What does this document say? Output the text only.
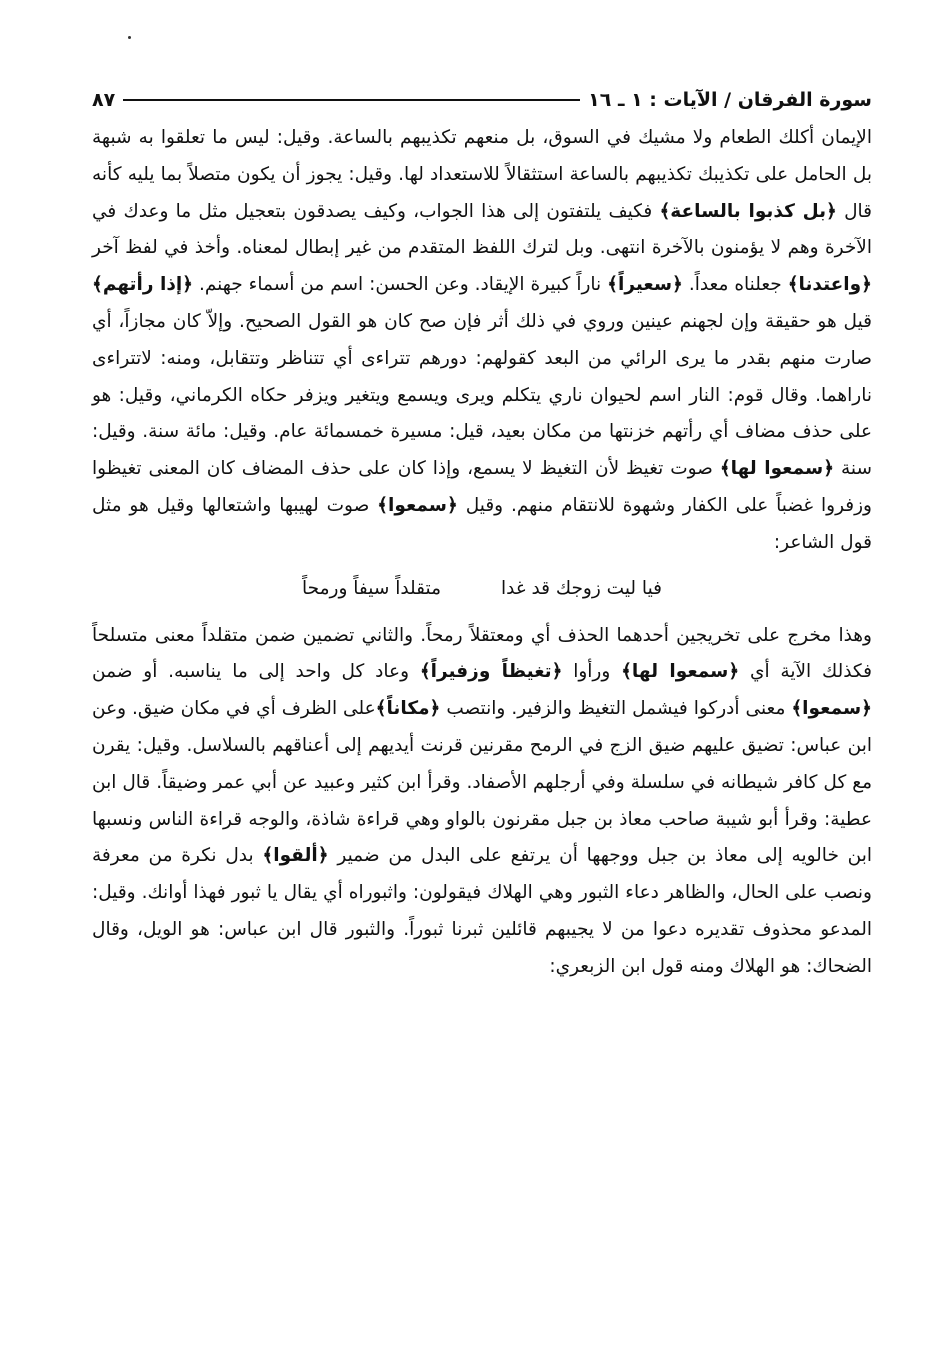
سورة الفرقان / الآيات : ١ ـ ١٦
٨٧

الإيمان أكلك الطعام ولا مشيك في السوق، بل منعهم تكذيبهم بالساعة. وقيل: ليس ما تعلقوا به شبهة بل الحامل على تكذيبك تكذيبهم بالساعة استثقالاً للاستعداد لها. وقيل: يجوز أن يكون متصلاً بما يليه كأنه قال ﴿بل كذبوا بالساعة﴾ فكيف يلتفتون إلى هذا الجواب، وكيف يصدقون بتعجيل مثل ما وعدك في الآخرة وهم لا يؤمنون بالآخرة انتهى. وبل لترك اللفظ المتقدم من غير إبطال لمعناه. وأخذ في لفظ آخر ﴿واعتدنا﴾ جعلناه معداً. ﴿سعيراً﴾ ناراً كبيرة الإيقاد. وعن الحسن: اسم من أسماء جهنم. ﴿إذا رأتهم﴾ قيل هو حقيقة وإن لجهنم عينين وروي في ذلك أثر فإن صح كان هو القول الصحيح. وإلاّ كان مجازاً، أي صارت منهم بقدر ما يرى الرائي من البعد كقولهم: دورهم تتراءى أي تتناظر وتتقابل، ومنه: لاتتراءى ناراهما. وقال قوم: النار اسم لحيوان ناري يتكلم ويرى ويسمع ويتغير ويزفر حكاه الكرماني، وقيل: هو على حذف مضاف أي رأتهم خزنتها من مكان بعيد، قيل: مسيرة خمسمائة عام. وقيل: مائة سنة. وقيل: سنة ﴿سمعوا لها﴾ صوت تغيظ لأن التغيظ لا يسمع، وإذا كان على حذف المضاف كان المعنى تغيظوا وزفروا غضباً على الكفار وشهوة للانتقام منهم. وقيل ﴿سمعوا﴾ صوت لهيبها واشتعالها وقيل هو مثل قول الشاعر:

فيا ليت زوجك قد غدا
متقلداً سيفاً ورمحاً

وهذا مخرج على تخريجين أحدهما الحذف أي ومعتقلاً رمحاً. والثاني تضمين ضمن متقلداً معنى متسلحاً فكذلك الآية أي ﴿سمعوا لها﴾ ورأوا ﴿تغيظاً وزفيراً﴾ وعاد كل واحد إلى ما يناسبه. أو ضمن ﴿سمعوا﴾ معنى أدركوا فيشمل التغيظ والزفير. وانتصب ﴿مكاناً﴾على الظرف أي في مكان ضيق. وعن ابن عباس: تضيق عليهم ضيق الزج في الرمح مقرنين قرنت أيديهم إلى أعناقهم بالسلاسل. وقيل: يقرن مع كل كافر شيطانه في سلسلة وفي أرجلهم الأصفاد. وقرأ ابن كثير وعبيد عن أبي عمر وضيقاً. قال ابن عطية: وقرأ أبو شيبة صاحب معاذ بن جبل مقرنون بالواو وهي قراءة شاذة، والوجه قراءة الناس ونسبها ابن خالويه إلى معاذ بن جبل ووجهها أن يرتفع على البدل من ضمير ﴿ألقوا﴾ بدل نكرة من معرفة ونصب على الحال، والظاهر دعاء الثبور وهي الهلاك فيقولون: واثبوراه أي يقال يا ثبور فهذا أوانك. وقيل: المدعو محذوف تقديره دعوا من لا يجيبهم قائلين ثبرنا ثبوراً. والثبور قال ابن عباس: هو الويل، وقال الضحاك: هو الهلاك ومنه قول ابن الزبعري:
